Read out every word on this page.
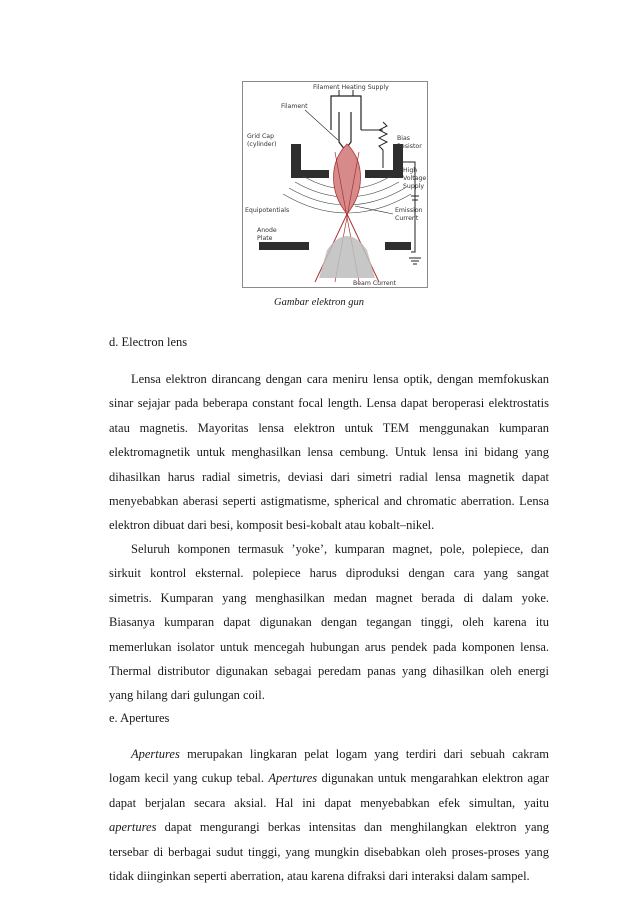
Filament Heating Supply
Filament
Grid Cap
(cylinder)
Bias
Resistor
High
Voltage
Supply
Equipotentials	Emission
Current
Anode
Plate
Beam Current
Gambar elektron gun
d. Electron lens
Lensa elektron dirancang dengan cara meniru lensa optik, dengan memfokuskan
sinar sejajar pada beberapa constant focal length. Lensa dapat beroperasi elektrostatis
atau magnetis. Mayoritas lensa elektron untuk TEM menggunakan kumparan
elektromagnetik untuk menghasilkan lensa cembung. Untuk lensa ini bidang yang
dihasilkan harus radial simetris, deviasi dari simetri radial lensa magnetik dapat
menyebabkan aberasi seperti astigmatisme, spherical and chromatic aberration. Lensa
elektron dibuat dari besi, komposit besi-kobalt atau kobalt–nikel.
Seluruh komponen termasuk ’yoke’, kumparan magnet, pole, polepiece, dan
sirkuit kontrol eksternal. polepiece harus diproduksi dengan cara yang sangat
simetris. Kumparan yang menghasilkan medan magnet berada di dalam yoke.
Biasanya kumparan dapat digunakan dengan tegangan tinggi, oleh karena itu
memerlukan isolator untuk mencegah hubungan arus pendek pada komponen lensa.
Thermal distributor digunakan sebagai peredam panas yang dihasilkan oleh energi
yang hilang dari gulungan coil.
e. Apertures
Apertures merupakan lingkaran pelat logam yang terdiri dari sebuah cakram
logam kecil yang cukup tebal. Apertures digunakan untuk mengarahkan elektron agar
dapat berjalan secara aksial. Hal ini dapat menyebabkan efek simultan, yaitu
apertures dapat mengurangi berkas intensitas dan menghilangkan elektron yang
tersebar di berbagai sudut tinggi, yang mungkin disebabkan oleh proses-proses yang
tidak diinginkan seperti aberration, atau karena difraksi dari interaksi dalam sampel.
